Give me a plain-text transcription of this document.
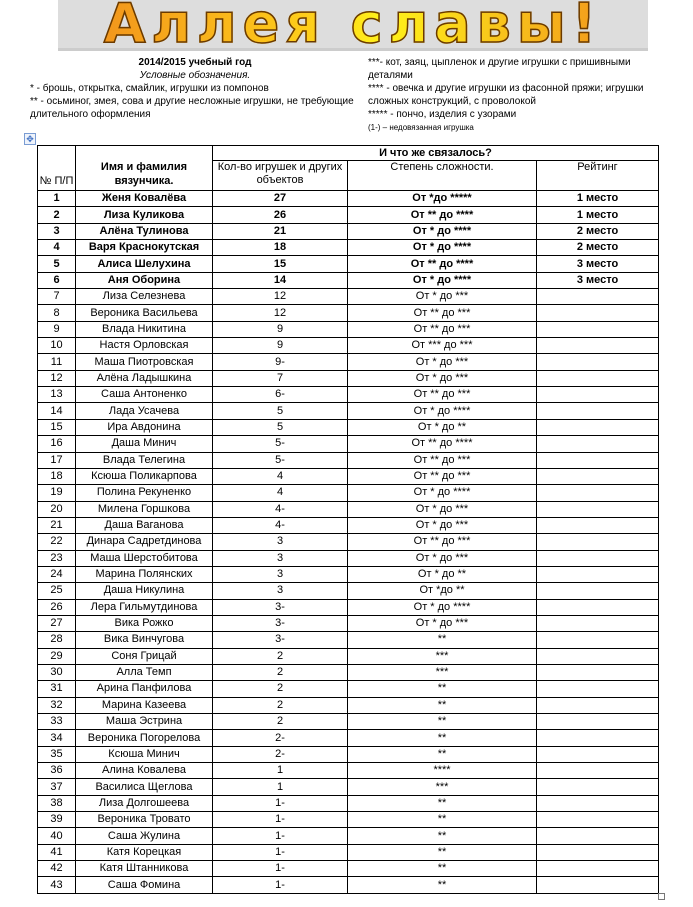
Аллея славы!
2014/2015 учебный год
Условные обозначения.
* - брошь, открытка, смайлик, игрушки из помпонов
** - осьминог, змея, сова и другие несложные игрушки, не требующие длительного оформления
***- кот, заяц, цыпленок и другие игрушки с пришивными деталями
**** - овечка и другие игрушки из фасонной пряжи; игрушки сложных конструкций, с проволокой
***** - пончо, изделия с узорами
(1-) – недовязанная игрушка
✥
№ П/П	Имя и фамилия вязунчика.	И что же связалось?		
		Кол-во игрушек и других объектов	Степень сложности.	Рейтинг
1	Женя Ковалёва	27	От *до *****	1 место
2	Лиза Куликова	26	От ** до ****	1 место
3	Алёна Тулинова	21	От * до ****	2 место
4	Варя Краснокутская	18	От * до ****	2 место
5	Алиса Шелухина	15	От ** до ****	3 место
6	Аня Оборина	14	От * до ****	3 место
7	Лиза Селезнева	12	От * до ***	
8	Вероника Васильева	12	От ** до ***	
9	Влада Никитина	9	От ** до ***	
10	Настя Орловская	9	От *** до ***	
11	Маша Пиотровская	9-	От * до ***	
12	Алёна Ладышкина	7	От * до ***	
13	Саша Антоненко	6-	От ** до ***	
14	Лада Усачева	5	От * до ****	
15	Ира Авдонина	5	От * до **	
16	Даша Минич	5-	От ** до ****	
17	Влада Телегина	5-	От ** до ***	
18	Ксюша Поликарпова	4	От ** до ***	
19	Полина Рекуненко	4	От * до ****	
20	Милена Горшкова	4-	От * до ***	
21	Даша Ваганова	4-	От * до ***	
22	Динара Садретдинова	3	От ** до ***	
23	Маша Шерстобитова	3	От * до ***	
24	Марина Полянских	3	От * до **	
25	Даша Никулина	3	От *до **	
26	Лера Гильмутдинова	3-	От * до ****	
27	Вика Рожко	3-	От * до ***	
28	Вика Винчугова	3-	**	
29	Соня Грицай	2	***	
30	Алла Темп	2	***	
31	Арина Панфилова	2	**	
32	Марина Казеева	2	**	
33	Маша Эстрина	2	**	
34	Вероника Погорелова	2-	**	
35	Ксюша Минич	2-	**	
36	Алина Ковалева	1	****	
37	Василиса Щеглова	1	***	
38	Лиза Долгошеева	1-	**	
39	Вероника Тровато	1-	**	
40	Саша Жулина	1-	**	
41	Катя Корецкая	1-	**	
42	Катя Штанникова	1-	**	
43	Саша Фомина	1-	**	
